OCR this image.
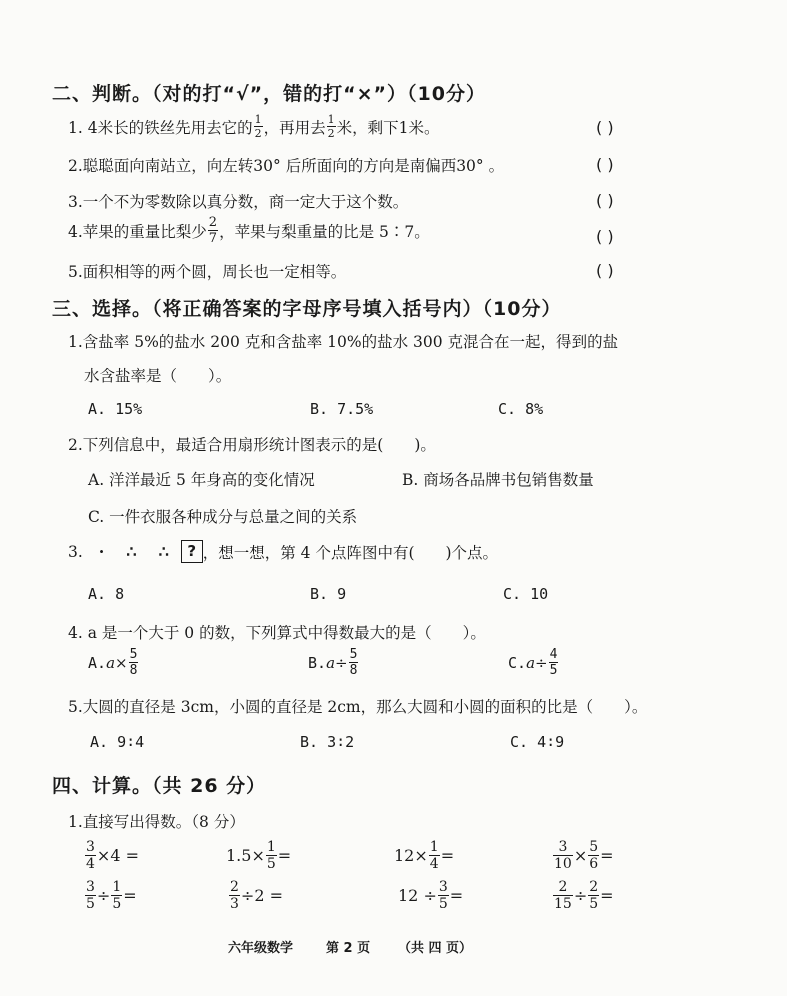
二、判断。（对的打“√”，错的打“×”）（10分）
1. 4米长的铁丝先用去它的 $\frac{1}{2}$ ，再用去 $\frac{1}{2}$ 米，剩下1米。	( )
2.聪聪面向南站立，向左转30° 后所面向的方向是南偏西30° 。	( )
3.一个不为零数除以真分数，商一定大于这个数。	( )
4.苹果的重量比梨少 $\frac{2}{7}$ ，苹果与梨重量的比是 5∶7。	( )
5.面积相等的两个圆，周长也一定相等。	( )
三、选择。（将正确答案的字母序号填入括号内）（10分）
1.含盐率 5%的盐水 200 克和含盐率 10%的盐水 300 克混合在一起，得到的盐
水含盐率是（　　）。
A. 15%	B. 7.5%	C. 8%
2.下列信息中，最适合用扇形统计图表示的是(　　)。
A. 洋洋最近 5 年身高的变化情况	B. 商场各品牌书包销售数量
C. 一件衣服各种成分与总量之间的关系
3. · ∴ ∴	? ，想一想，第 4 个点阵图中有(　　)个点。
A. 8	B. 9	C. 10
4. a 是一个大于 0 的数，下列算式中得数最大的是（　　）。
A. $a\times \frac{5}{8}$	B. $a\div \frac{5}{8}$	C. $a\div \frac{4}{5}$
5.大圆的直径是 3cm，小圆的直径是 2cm，那么大圆和小圆的面积的比是（　　）。
A. 9∶4	B. 3∶2	C. 4∶9
四、计算。（共 26 分）
1.直接写出得数。（8 分）
$\frac{3}{4} \times 4$ =	$1.5\times \frac{1}{5}$ =	$12\times \frac{1}{4}$ =	$\frac{3}{10} \times \frac{5}{6}$ =
$\frac{3}{5} \div \frac{1}{5}$ =	$\frac{2}{3} \div 2$ =	$12 \div \frac{3}{5}$ =	$\frac{2}{15} \div \frac{2}{5}$ =
六年级数学	第 2 页 （共 四 页）
